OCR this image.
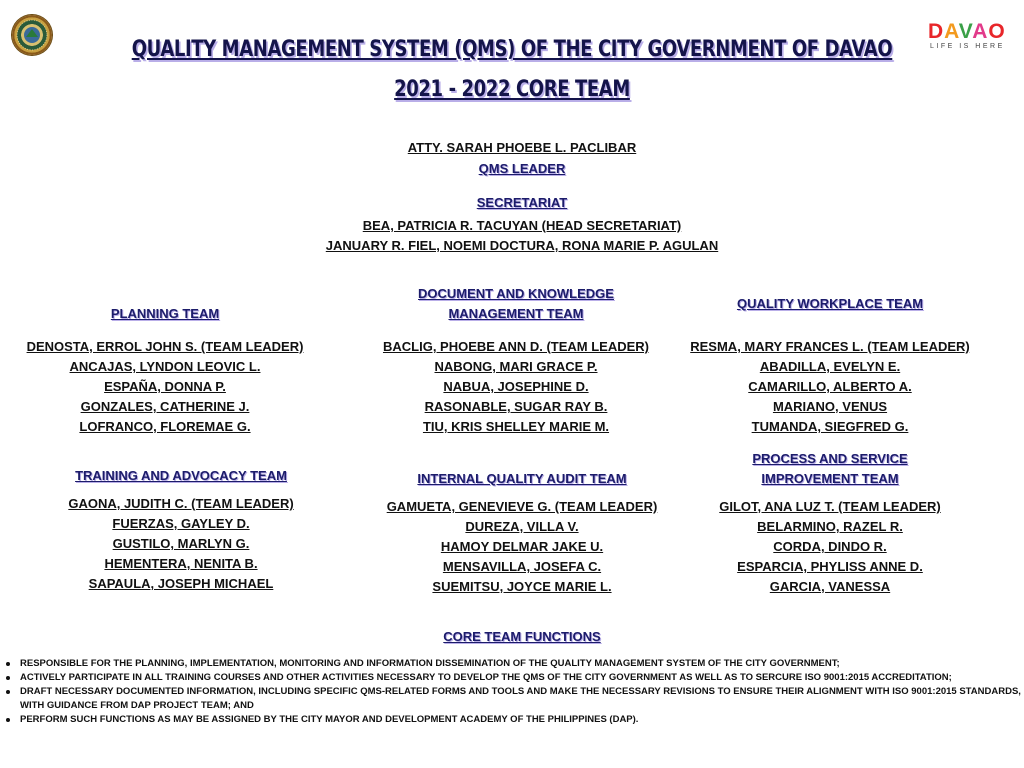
DAVAO
LIFE IS HERE
QUALITY MANAGEMENT SYSTEM (QMS) OF THE CITY GOVERNMENT OF DAVAO
2021 - 2022 CORE TEAM
ATTY. SARAH PHOEBE L. PACLIBAR
QMS LEADER
SECRETARIAT
BEA, PATRICIA R. TACUYAN (HEAD SECRETARIAT)
JANUARY R. FIEL, NOEMI DOCTURA, RONA MARIE P. AGULAN
PLANNING TEAM
DENOSTA, ERROL JOHN S. (TEAM LEADER)
ANCAJAS, LYNDON LEOVIC L.
ESPAÑA, DONNA P.
GONZALES, CATHERINE J.
LOFRANCO, FLOREMAE G.
DOCUMENT AND KNOWLEDGE
MANAGEMENT TEAM
BACLIG, PHOEBE ANN D. (TEAM LEADER)
NABONG, MARI GRACE P.
NABUA, JOSEPHINE D.
RASONABLE, SUGAR RAY B.
TIU, KRIS SHELLEY MARIE M.
QUALITY WORKPLACE TEAM
RESMA, MARY FRANCES L. (TEAM LEADER)
ABADILLA, EVELYN E.
CAMARILLO, ALBERTO A.
MARIANO, VENUS
TUMANDA, SIEGFRED G.
TRAINING AND ADVOCACY TEAM
GAONA, JUDITH C. (TEAM LEADER)
FUERZAS, GAYLEY D.
GUSTILO, MARLYN G.
HEMENTERA, NENITA B.
SAPAULA, JOSEPH MICHAEL
INTERNAL QUALITY AUDIT TEAM
GAMUETA, GENEVIEVE G. (TEAM LEADER)
DUREZA, VILLA V.
HAMOY DELMAR JAKE U.
MENSAVILLA, JOSEFA C.
SUEMITSU, JOYCE MARIE L.
PROCESS AND SERVICE
IMPROVEMENT TEAM
GILOT, ANA LUZ T. (TEAM LEADER)
BELARMINO, RAZEL R.
CORDA, DINDO R.
ESPARCIA, PHYLISS ANNE D.
GARCIA, VANESSA
CORE TEAM FUNCTIONS
RESPONSIBLE FOR THE PLANNING, IMPLEMENTATION, MONITORING AND INFORMATION DISSEMINATION OF THE QUALITY MANAGEMENT SYSTEM OF THE CITY GOVERNMENT;
ACTIVELY PARTICIPATE IN ALL TRAINING COURSES AND OTHER ACTIVITIES NECESSARY TO DEVELOP THE QMS OF THE CITY GOVERNMENT AS WELL AS TO SERCURE ISO 9001:2015 ACCREDITATION;
DRAFT NECESSARY DOCUMENTED INFORMATION, INCLUDING SPECIFIC QMS-RELATED FORMS AND TOOLS AND MAKE THE NECESSARY REVISIONS TO ENSURE THEIR ALIGNMENT WITH ISO 9001:2015 STANDARDS, WITH GUIDANCE FROM DAP PROJECT TEAM; AND
PERFORM SUCH FUNCTIONS AS MAY BE ASSIGNED BY THE CITY MAYOR AND DEVELOPMENT ACADEMY OF THE PHILIPPINES (DAP).
